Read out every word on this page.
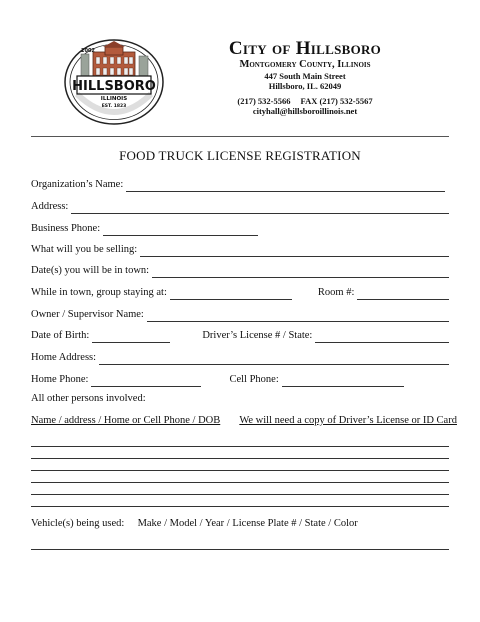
2002
HILLSBORO
ILLINOIS
EST. 1823
City of Hillsboro
Montgomery County, Illinois
447 South Main Street
Hillsboro, IL. 62049
(217) 532-5566 FAX (217) 532-5567
cityhall@hillsboroillinois.net
FOOD TRUCK LICENSE REGISTRATION
Organization’s Name:
Address:
Business Phone:
What will you be selling:
Date(s) you will be in town:
While in town, group staying at:	Room #:
Owner / Supervisor Name:
Date of Birth:	Driver’s License # / State:
Home Address:
Home Phone:	Cell Phone:
All other persons involved:
Name / address / Home or Cell Phone / DOB We will need a copy of Driver’s License or ID Card
Vehicle(s) being used: Make / Model / Year / License Plate # / State / Color
